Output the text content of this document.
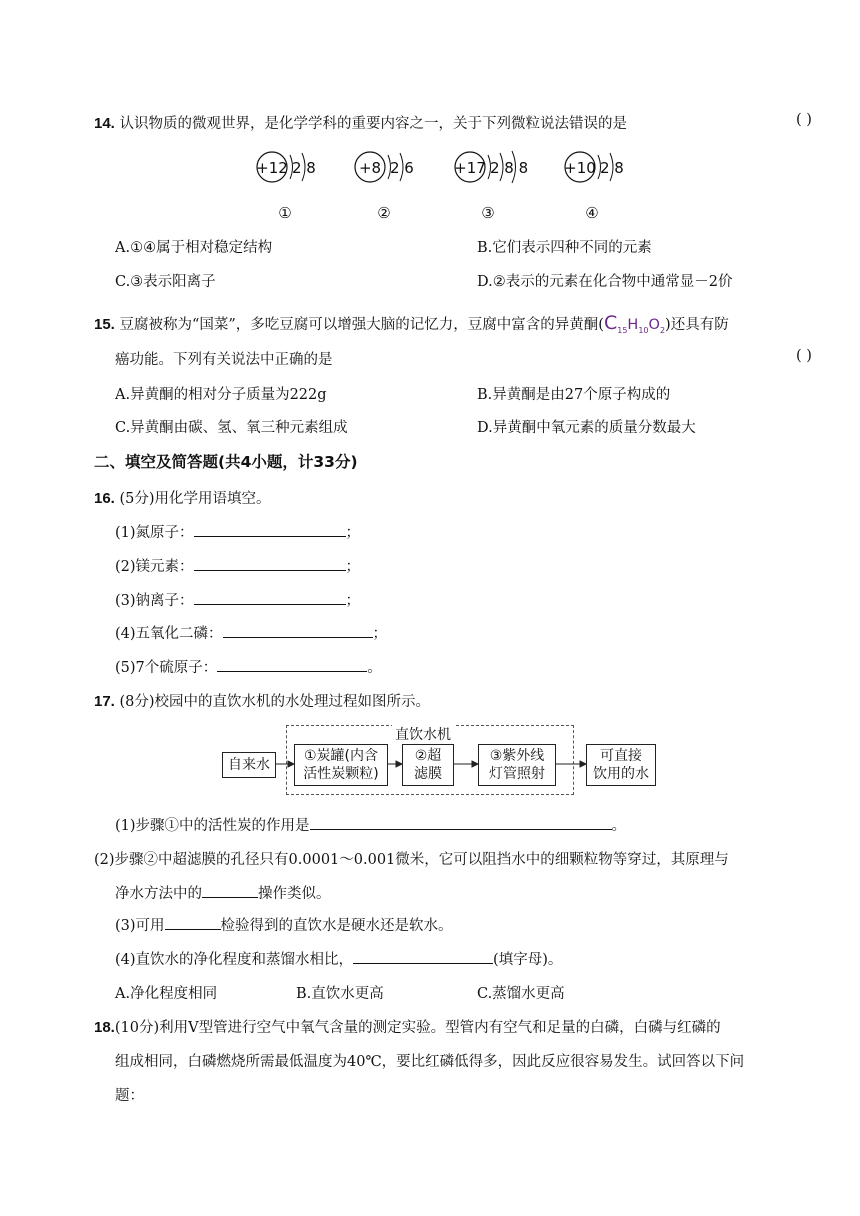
14. 认识物质的微观世界，是化学学科的重要内容之一，关于下列微粒说法错误的是	( )
+12 2 8
①
+8 2 6
②
+17 2 8 8
③
+10 2 8
④
A.①④属于相对稳定结构	B.它们表示四种不同的元素
C.③表示阳离子	D.②表示的元素在化合物中通常显－2价
15. 豆腐被称为“国菜”，多吃豆腐可以增强大脑的记忆力，豆腐中富含的异黄酮$(C_{15}H_{10}O_2)$还具有防
癌功能。下列有关说法中正确的是	( )
A.异黄酮的相对分子质量为222g	B.异黄酮是由27个原子构成的
C.异黄酮由碳、氢、氧三种元素组成	D.异黄酮中氧元素的质量分数最大
二、填空及简答题(共4小题，计33分)
16. (5分)用化学用语填空。
(1)氮原子：	；
(2)镁元素：	；
(3)钠离子：	；
(4)五氧化二磷：	；
(5)7个硫原子：	。
17. (8分)校园中的直饮水机的水处理过程如图所示。
直饮水机
自来水
①炭罐(内含
活性炭颗粒)
②超
滤膜
③紫外线
灯管照射
可直接
饮用的水
(1)步骤①中的活性炭的作用是	。
(2)步骤②中超滤膜的孔径只有0.0001～0.001微米，它可以阻挡水中的细颗粒物等穿过，其原理与
净水方法中的	操作类似。
(3)可用	检验得到的直饮水是硬水还是软水。
(4)直饮水的净化程度和蒸馏水相比，	(填字母)。
A.净化程度相同	B.直饮水更高	C.蒸馏水更高
18.(10分)利用V型管进行空气中氧气含量的测定实验。型管内有空气和足量的白磷，白磷与红磷的
组成相同，白磷燃烧所需最低温度为40℃，要比红磷低得多，因此反应很容易发生。试回答以下问
题：
